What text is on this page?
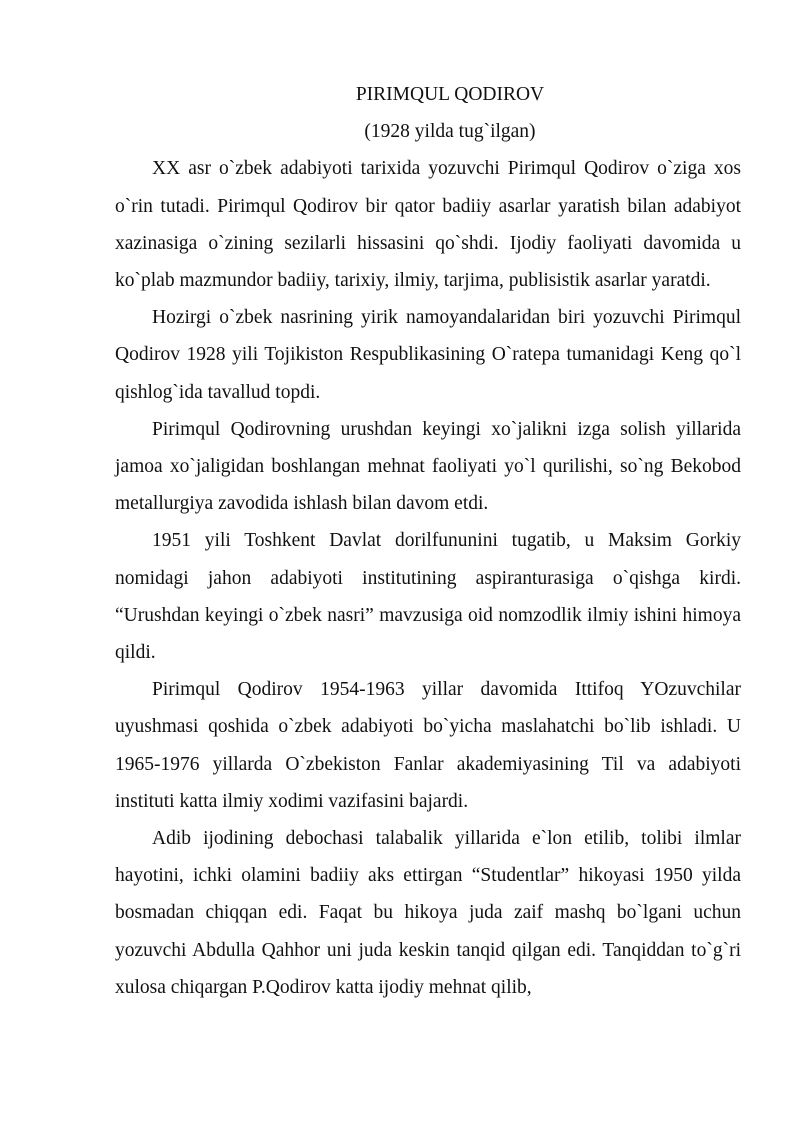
PIRIMQUL QODIROV

(1928 yilda tug`ilgan)

XX asr o`zbek adabiyoti tarixida yozuvchi Pirimqul Qodirov o`ziga xos o`rin tutadi. Pirimqul Qodirov bir qator badiiy asarlar yaratish bilan adabiyot xazinasiga o`zining sezilarli hissasini qo`shdi. Ijodiy faoliyati davomida u ko`plab mazmundor badiiy, tarixiy, ilmiy, tarjima, publisistik asarlar yaratdi.

Hozirgi o`zbek nasrining yirik namoyandalaridan biri yozuvchi Pirimqul Qodirov 1928 yili Tojikiston Respublikasining O`ratepa tumanidagi Keng qo`l qishlog`ida tavallud topdi.

Pirimqul Qodirovning urushdan keyingi xo`jalikni izga solish yillarida jamoa xo`jaligidan boshlangan mehnat faoliyati yo`l qurilishi, so`ng Bekobod metallurgiya zavodida ishlash bilan davom etdi.

1951 yili Toshkent Davlat dorilfununini tugatib, u Maksim Gorkiy nomidagi jahon adabiyoti institutining aspiranturasiga o`qishga kirdi. “Urushdan keyingi o`zbek nasri” mavzusiga oid nomzodlik ilmiy ishini himoya qildi.

Pirimqul Qodirov 1954-1963 yillar davomida Ittifoq YOzuvchilar uyushmasi qoshida o`zbek adabiyoti bo`yicha maslahatchi bo`lib ishladi. U 1965-1976 yillarda O`zbekiston Fanlar akademiyasining Til va adabiyoti instituti katta ilmiy xodimi vazifasini bajardi.

Adib ijodining debochasi talabalik yillarida e`lon etilib, tolibi ilmlar hayotini, ichki olamini badiiy aks ettirgan “Studentlar” hikoyasi 1950 yilda bosmadan chiqqan edi. Faqat bu hikoya juda zaif mashq bo`lgani uchun yozuvchi Abdulla Qahhor uni juda keskin tanqid qilgan edi. Tanqiddan to`g`ri xulosa chiqargan P.Qodirov katta ijodiy mehnat qilib,
